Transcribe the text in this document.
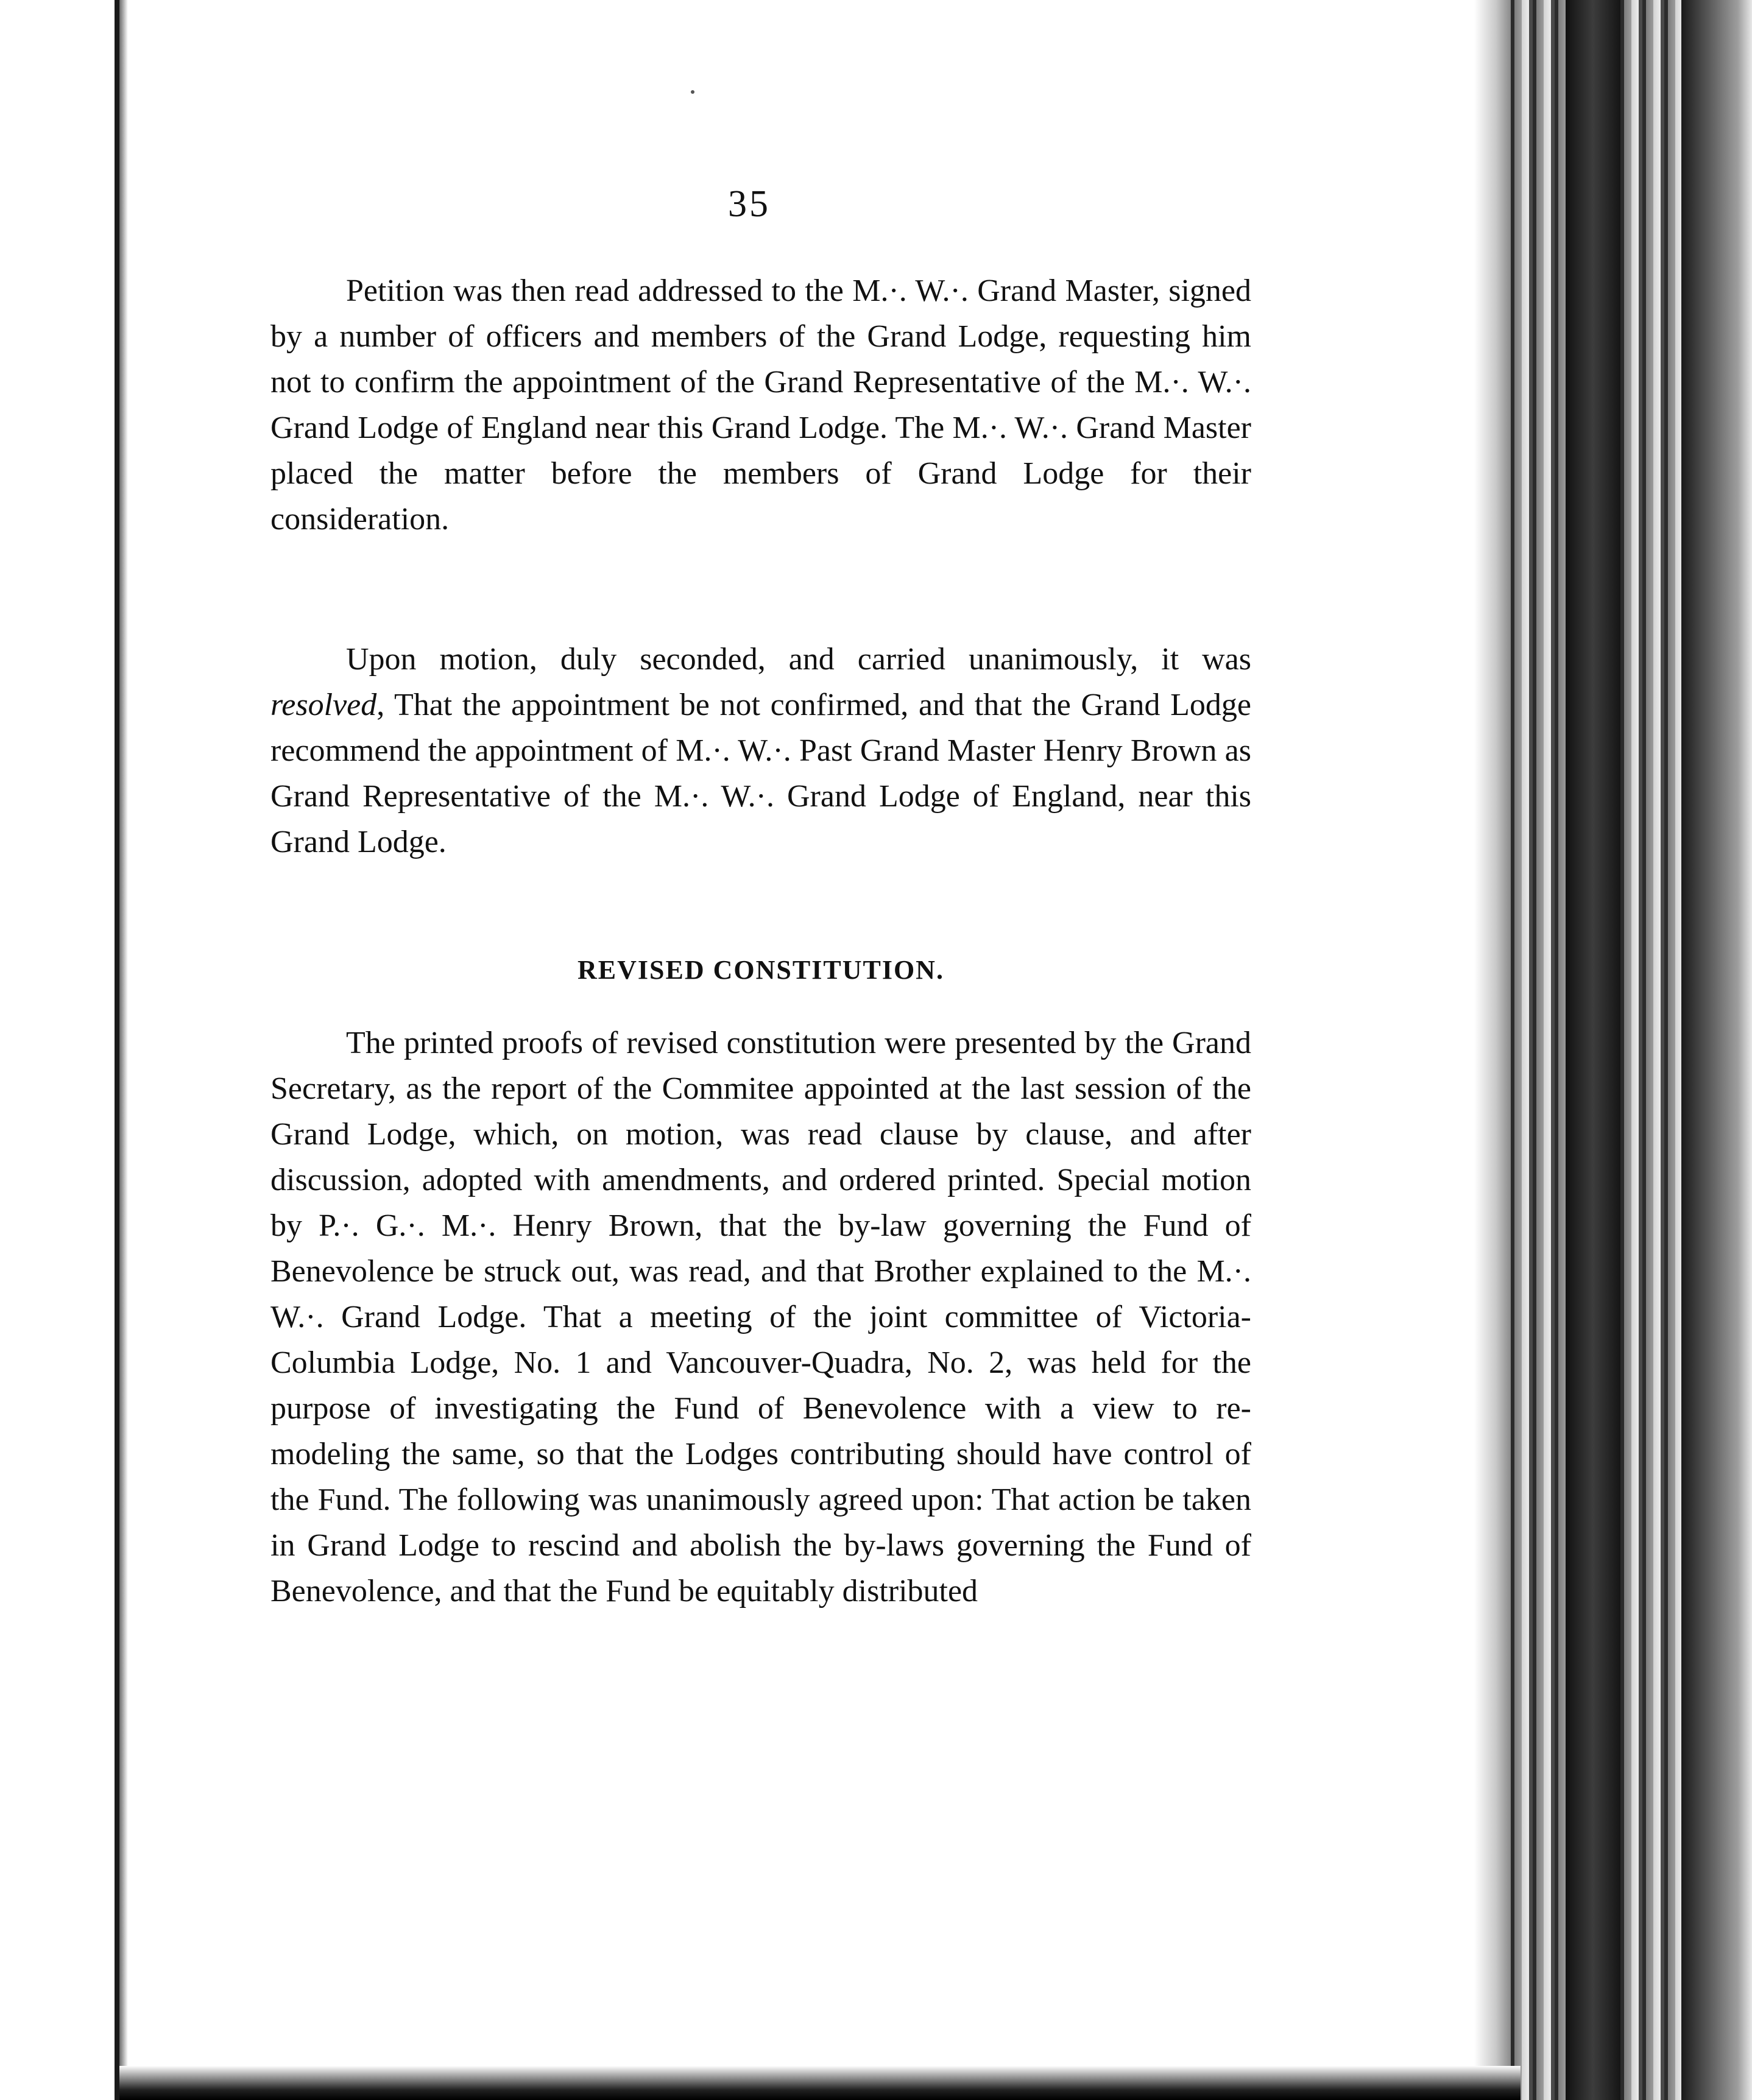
35

Petition was then read addressed to the M.·. W.·. Grand Master, signed by a number of officers and members of the Grand Lodge, requesting him not to confirm the appointment of the Grand Representative of the M.·. W.·. Grand Lodge of England near this Grand Lodge. The M.·. W.·. Grand Master placed the matter before the members of Grand Lodge for their consideration.

Upon motion, duly seconded, and carried unanimously, it was resolved, That the appointment be not confirmed, and that the Grand Lodge recommend the appointment of M.·. W.·. Past Grand Master Henry Brown as Grand Representative of the M.·. W.·. Grand Lodge of England, near this Grand Lodge.

REVISED CONSTITUTION.

The printed proofs of revised constitution were presented by the Grand Secretary, as the report of the Commitee appointed at the last session of the Grand Lodge, which, on motion, was read clause by clause, and after discussion, adopted with amendments, and ordered printed. Special motion by P.·. G.·. M.·. Henry Brown, that the by-law governing the Fund of Benevolence be struck out, was read, and that Brother explained to the M.·. W.·. Grand Lodge. That a meeting of the joint committee of Victoria-Columbia Lodge, No. 1 and Vancouver-Quadra, No. 2, was held for the purpose of investigating the Fund of Benevolence with a view to re-modeling the same, so that the Lodges contributing should have control of the Fund. The following was unanimously agreed upon: That action be taken in Grand Lodge to rescind and abolish the by-laws governing the Fund of Benevolence, and that the Fund be equitably distributed
